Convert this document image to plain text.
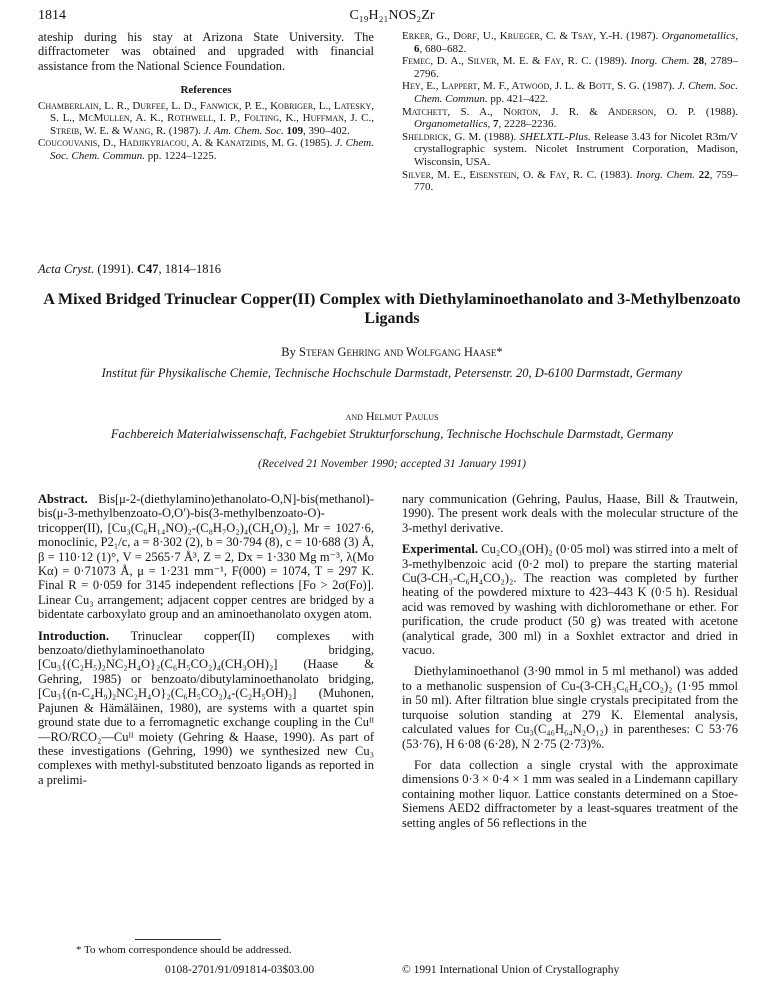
1814	C₁₉H₂₁NOS₂Zr

ateship during his stay at Arizona State University. The diffractometer was obtained and upgraded with financial assistance from the National Science Foundation.

References

Chamberlain, L. R., Durfee, L. D., Fanwick, P. E., Kobriger, L., Latesky, S. L., McMullen, A. K., Rothwell, I. P., Folting, K., Huffman, J. C., Streib, W. E. & Wang, R. (1987). J. Am. Chem. Soc. 109, 390–402.

Coucouvanis, D., Hadjikyriacou, A. & Kanatzidis, M. G. (1985). J. Chem. Soc. Chem. Commun. pp. 1224–1225.

Erker, G., Dorf, U., Krueger, C. & Tsay, Y.-H. (1987). Organometallics, 6, 680–682.

Femec, D. A., Silver, M. E. & Fay, R. C. (1989). Inorg. Chem. 28, 2789–2796.

Hey, E., Lappert, M. F., Atwood, J. L. & Bott, S. G. (1987). J. Chem. Soc. Chem. Commun. pp. 421–422.

Matchett, S. A., Norton, J. R. & Anderson, O. P. (1988). Organometallics, 7, 2228–2236.

Sheldrick, G. M. (1988). SHELXTL-Plus. Release 3.43 for Nicolet R3m/V crystallographic system. Nicolet Instrument Corporation, Madison, Wisconsin, USA.

Silver, M. E., Eisenstein, O. & Fay, R. C. (1983). Inorg. Chem. 22, 759–770.

Acta Cryst. (1991). C47, 1814–1816
A Mixed Bridged Trinuclear Copper(II) Complex with Diethylaminoethanolato and 3-Methylbenzoato Ligands
By Stefan Gehring and Wolfgang Haase*
Institut für Physikalische Chemie, Technische Hochschule Darmstadt, Petersenstr. 20, D-6100 Darmstadt, Germany
and Helmut Paulus
Fachbereich Materialwissenschaft, Fachgebiet Strukturforschung, Technische Hochschule Darmstadt, Germany
(Received 21 November 1990; accepted 31 January 1991)

Abstract. Bis[μ-2-(diethylamino)ethanolato-O,N]-bis(methanol)-bis(μ-3-methylbenzoato-O,O′)-bis(3-methylbenzoato-O)-tricopper(II), [Cu₃(C₆H₁₄NO)₂-(C₈H₇O₂)₄(CH₄O)₂], Mr = 1027·6, monoclinic, P2₁/c, a = 8·302 (2), b = 30·794 (8), c = 10·688 (3) Å, β = 110·12 (1)°, V = 2565·7 Å³, Z = 2, Dx = 1·330 Mg m⁻³, λ(Mo Kα) = 0·71073 Å, μ = 1·231 mm⁻¹, F(000) = 1074, T = 297 K. Final R = 0·059 for 3145 independent reflections [Fo > 2σ(Fo)]. Linear Cu₃ arrangement; adjacent copper centres are bridged by a bidentate carboxylato group and an aminoethanolato oxygen atom.

Introduction. Trinuclear copper(II) complexes with benzoato/diethylaminoethanolato bridging, [Cu₃{(C₂H₅)₂NC₂H₄O}₂(C₆H₅CO₂)₄(CH₃OH)₂] (Haase & Gehring, 1985) or benzoato/dibutylaminoethanolato bridging, [Cu₃{(n-C₄H₉)₂NC₂H₄O}₂(C₆H₅CO₂)₄-(C₂H₅OH)₂] (Muhonen, Pajunen & Hämäläinen, 1980), are systems with a quartet spin ground state due to a ferromagnetic exchange coupling in the Cuᴵᴵ—RO/RCO₂—Cuᴵᴵ moiety (Gehring & Haase, 1990). As part of these investigations (Gehring, 1990) we synthesized new Cu₃ complexes with methyl-substituted benzoato ligands as reported in a prelimi-

nary communication (Gehring, Paulus, Haase, Bill & Trautwein, 1990). The present work deals with the molecular structure of the 3-methyl derivative.

Experimental. Cu₂CO₃(OH)₂ (0·05 mol) was stirred into a melt of 3-methylbenzoic acid (0·2 mol) to prepare the starting material Cu(3-CH₃-C₆H₄CO₂)₂. The reaction was completed by further heating of the powdered mixture to 423–443 K (0·5 h). Residual acid was removed by washing with dichloromethane or ether. For purification, the crude product (50 g) was treated with acetone (analytical grade, 300 ml) in a Soxhlet extractor and dried in vacuo.

Diethylaminoethanol (3·90 mmol in 5 ml methanol) was added to a methanolic suspension of Cu-(3-CH₃C₆H₄CO₂)₂ (1·95 mmol in 50 ml). After filtration blue single crystals precipitated from the turquoise solution standing at 279 K. Elemental analysis, calculated values for Cu₃(C₄₆H₆₄N₂O₁₂) in parentheses: C 53·76 (53·76), H 6·08 (6·28), N 2·75 (2·73)%.

For data collection a single crystal with the approximate dimensions 0·3 × 0·4 × 1 mm was sealed in a Lindemann capillary containing mother liquor. Lattice constants determined on a Stoe-Siemens AED2 diffractometer by a least-squares treatment of the setting angles of 56 reflections in the

* To whom correspondence should be addressed.
0108-2701/91/091814-03$03.00	© 1991 International Union of Crystallography
